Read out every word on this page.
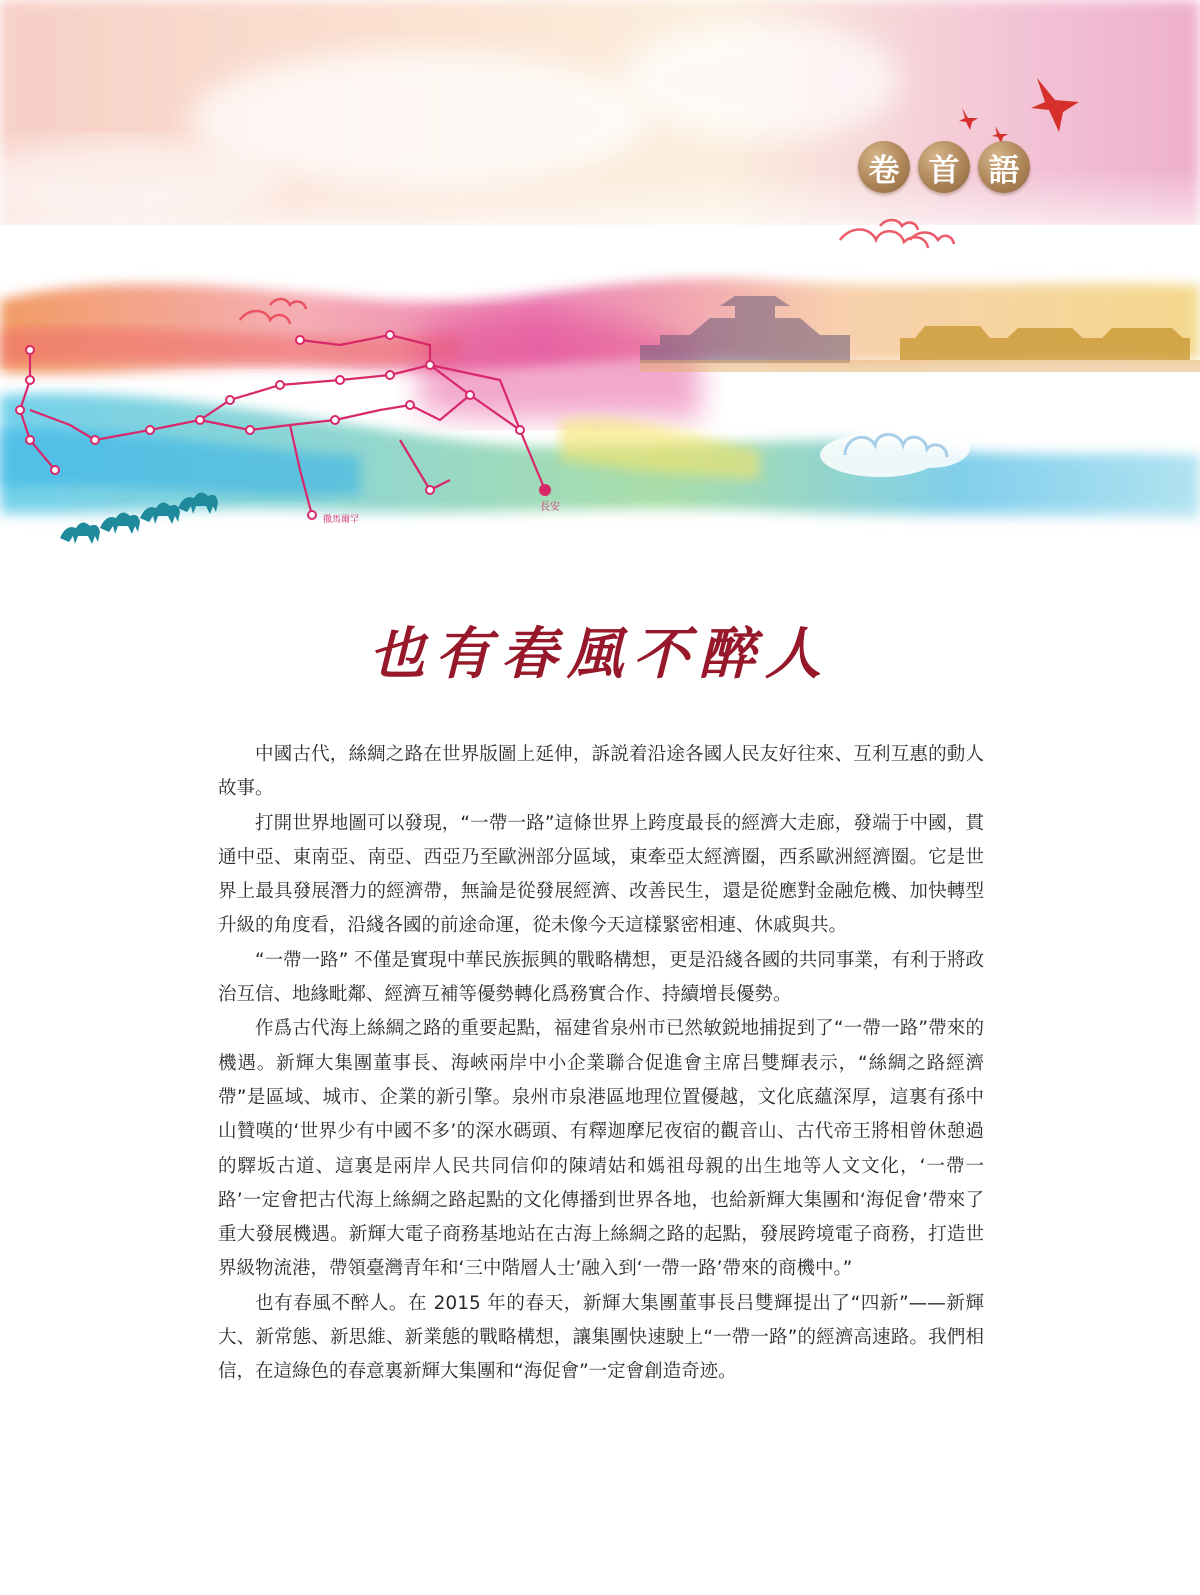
撒馬爾罕
長安
卷 首 語
也有春風不醉人

中國古代，絲綢之路在世界版圖上延伸，訴説着沿途各國人民友好往來、互利互惠的動人故事。

打開世界地圖可以發現，“一帶一路”這條世界上跨度最長的經濟大走廊，發端于中國，貫通中亞、東南亞、南亞、西亞乃至歐洲部分區域，東牽亞太經濟圈，西系歐洲經濟圈。它是世界上最具發展潛力的經濟帶，無論是從發展經濟、改善民生，還是從應對金融危機、加快轉型升級的角度看，沿綫各國的前途命運，從未像今天這樣緊密相連、休戚與共。

“一帶一路” 不僅是實現中華民族振興的戰略構想，更是沿綫各國的共同事業，有利于將政治互信、地緣毗鄰、經濟互補等優勢轉化爲務實合作、持續增長優勢。

作爲古代海上絲綢之路的重要起點，福建省泉州市已然敏鋭地捕捉到了“一帶一路”帶來的機遇。新輝大集團董事長、海峽兩岸中小企業聯合促進會主席吕雙輝表示，“絲綢之路經濟帶”是區域、城市、企業的新引擎。泉州市泉港區地理位置優越，文化底蘊深厚，這裏有孫中山贊嘆的‘世界少有中國不多’的深水碼頭、有釋迦摩尼夜宿的觀音山、古代帝王將相曾休憩過的驛坂古道、這裏是兩岸人民共同信仰的陳靖姑和媽祖母親的出生地等人文文化，‘一帶一路’一定會把古代海上絲綢之路起點的文化傳播到世界各地，也給新輝大集團和‘海促會’帶來了重大發展機遇。新輝大電子商務基地站在古海上絲綢之路的起點，發展跨境電子商務，打造世界級物流港，帶領臺灣青年和‘三中階層人士’融入到‘一帶一路’帶來的商機中。”

也有春風不醉人。在 2015 年的春天，新輝大集團董事長吕雙輝提出了“四新”——新輝大、新常態、新思維、新業態的戰略構想，讓集團快速駛上“一帶一路”的經濟高速路。我們相信，在這綠色的春意裏新輝大集團和“海促會”一定會創造奇迹。
